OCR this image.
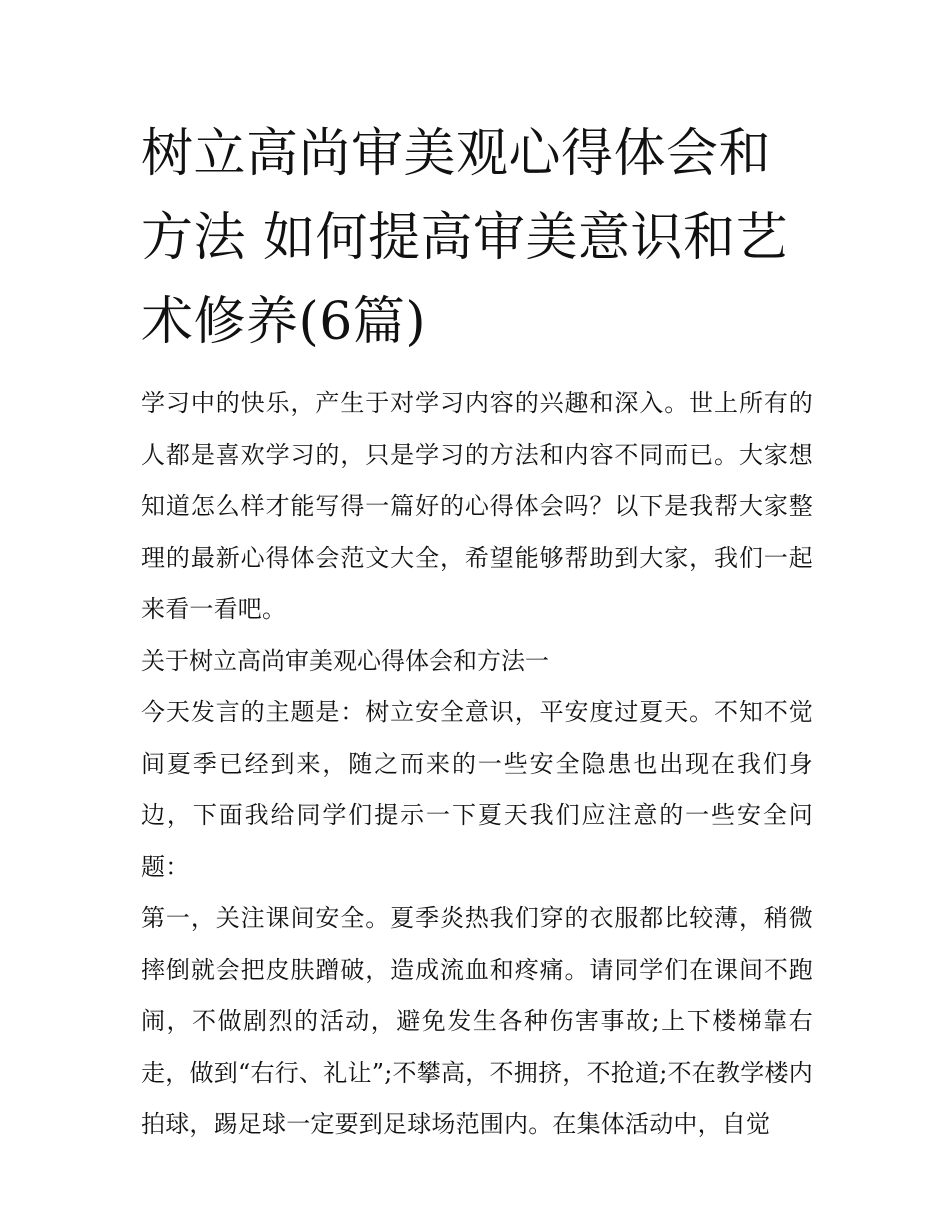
树立高尚审美观心得体会和方法 如何提高审美意识和艺术修养(6篇)

学习中的快乐，产生于对学习内容的兴趣和深入。世上所有的人都是喜欢学习的，只是学习的方法和内容不同而已。大家想知道怎么样才能写得一篇好的心得体会吗？以下是我帮大家整理的最新心得体会范文大全，希望能够帮助到大家，我们一起来看一看吧。

关于树立高尚审美观心得体会和方法一

今天发言的主题是：树立安全意识，平安度过夏天。不知不觉间夏季已经到来，随之而来的一些安全隐患也出现在我们身边，下面我给同学们提示一下夏天我们应注意的一些安全问题：

第一，关注课间安全。夏季炎热我们穿的衣服都比较薄，稍微摔倒就会把皮肤蹭破，造成流血和疼痛。请同学们在课间不跑闹，不做剧烈的活动，避免发生各种伤害事故;上下楼梯靠右走，做到“右行、礼让”;不攀高，不拥挤，不抢道;不在教学楼内拍球，踢足球一定要到足球场范围内。在集体活动中，自觉
